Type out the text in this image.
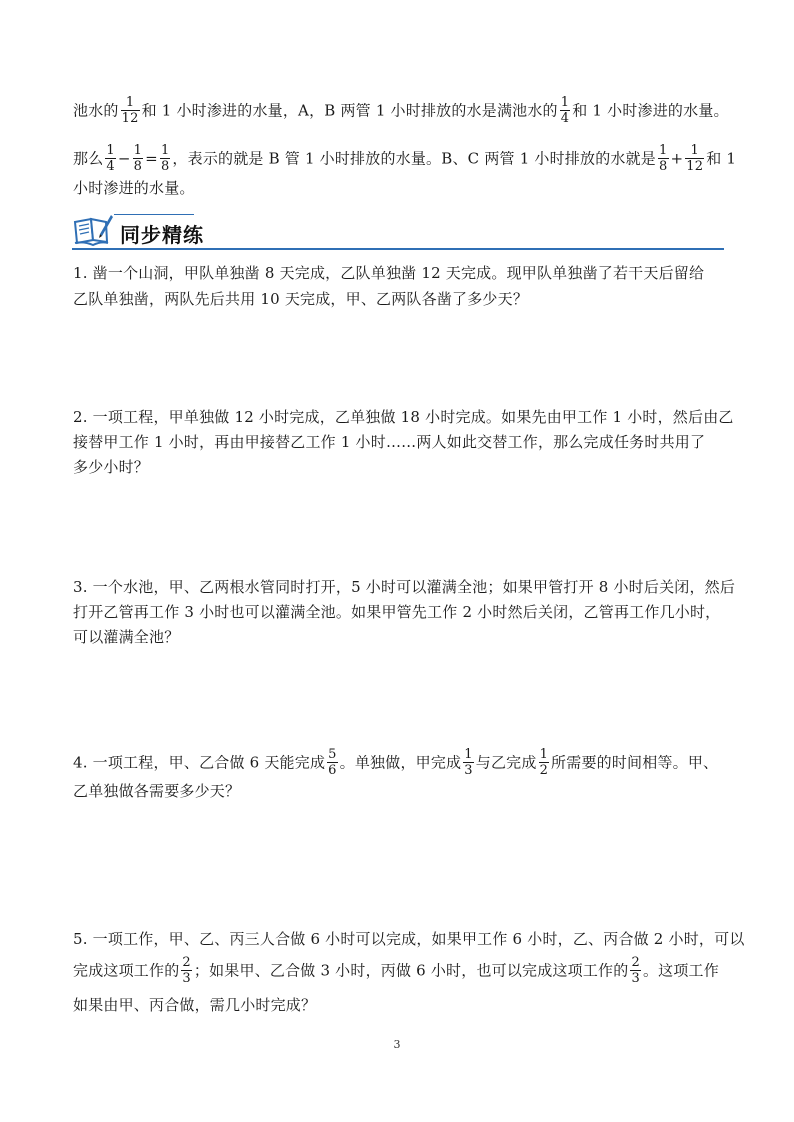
池水的 $\frac{1}{12}$ 和 1 小时渗进的水量，A，B 两管 1 小时排放的水是满池水的 $\frac{1}{4}$ 和 1 小时渗进的水量。
那么 $\frac{1}{4} - \frac{1}{8} = \frac{1}{8}$ ，表示的就是 B 管 1 小时排放的水量。B、C 两管 1 小时排放的水就是 $\frac{1}{8} + \frac{1}{12}$ 和 1
小时渗进的水量。
同步精练
1. 凿一个山洞，甲队单独凿 8 天完成，乙队单独凿 12 天完成。现甲队单独凿了若干天后留给
乙队单独凿，两队先后共用 10 天完成，甲、乙两队各凿了多少天？
2. 一项工程，甲单独做 12 小时完成，乙单独做 18 小时完成。如果先由甲工作 1 小时，然后由乙
接替甲工作 1 小时，再由甲接替乙工作 1 小时……两人如此交替工作，那么完成任务时共用了
多少小时？
3. 一个水池，甲、乙两根水管同时打开，5 小时可以灌满全池；如果甲管打开 8 小时后关闭，然后
打开乙管再工作 3 小时也可以灌满全池。如果甲管先工作 2 小时然后关闭，乙管再工作几小时，
可以灌满全池？
4. 一项工程，甲、乙合做 6 天能完成 $\frac{5}{6}$ 。单独做，甲完成 $\frac{1}{3}$ 与乙完成 $\frac{1}{2}$ 所需要的时间相等。甲、
乙单独做各需要多少天？
5. 一项工作，甲、乙、丙三人合做 6 小时可以完成，如果甲工作 6 小时，乙、丙合做 2 小时，可以
完成这项工作的 $\frac{2}{3}$ ；如果甲、乙合做 3 小时，丙做 6 小时，也可以完成这项工作的 $\frac{2}{3}$ 。这项工作
如果由甲、丙合做，需几小时完成？
3
